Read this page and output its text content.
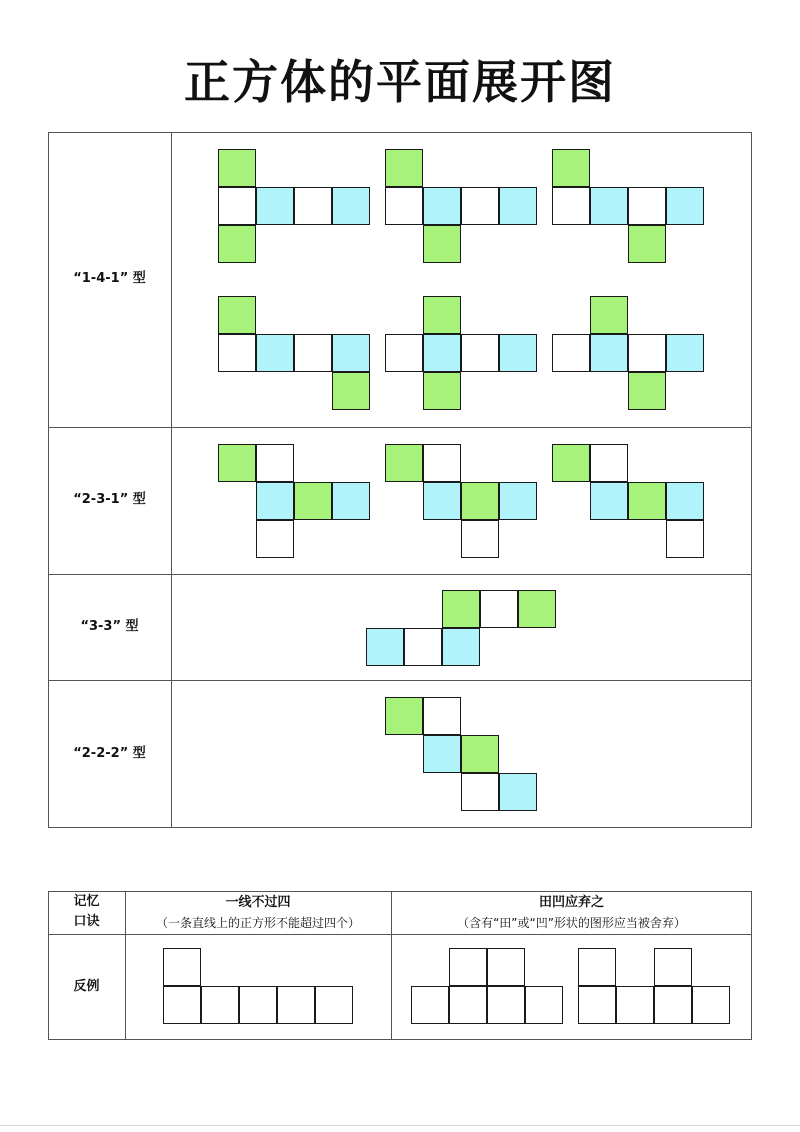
正方体的平面展开图
“1-4-1” 型
“2-3-1” 型
“3-3” 型
“2-2-2” 型
记忆
口诀
反例
一线不过四
（一条直线上的正方形不能超过四个）
田凹应弃之
（含有“田”或“凹”形状的图形应当被舍弃）
